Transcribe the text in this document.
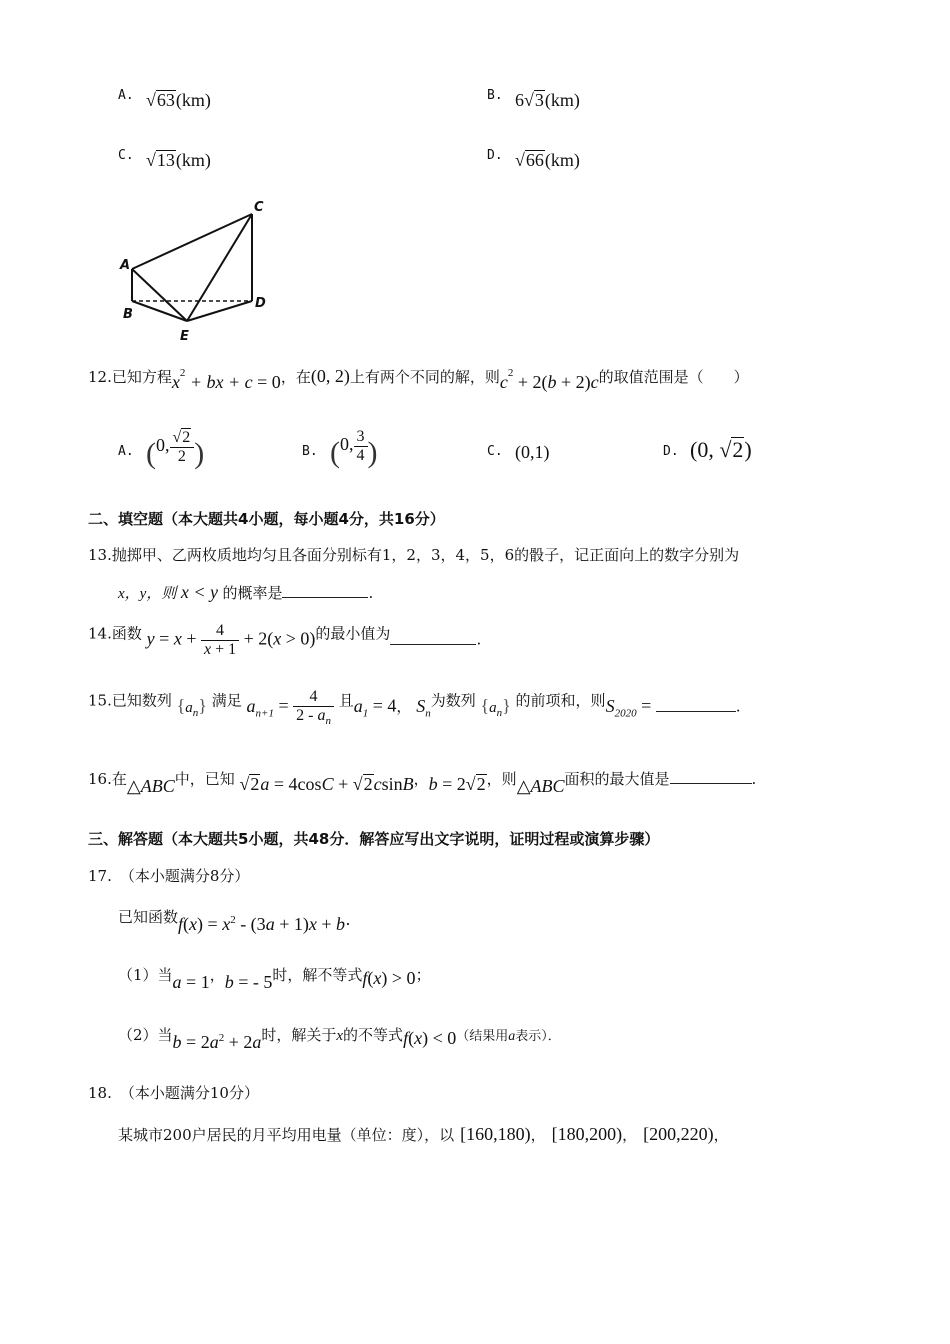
A. √63(km)	B. 6√3(km)
C. √13(km)	D. √66(km)
A
B
C
D
E
12.已知方程$x^2$ + bx + c = 0，在(0, 2)上有两个不同的解，则$c^2 + 2(b + 2)c$的取值范围是（　　）
A. (0, $\frac{√2}{2}$ )	B. (0, $\frac{3}{4}$ )	C. (0,1)	D. (0, √2)
二、填空题（本大题共4小题，每小题4分，共16分）
13.抛掷甲、乙两枚质地均匀且各面分别标有1，2，3，4，5，6的骰子，记正面向上的数字分别为
x，y，则 x < y 的概率是	.
14.函数 $y = x + \frac{4}{x + 1} + 2(x > 0)$的最小值为	.
15.已知数列 $\{a_n\}$ 满足 $a_{n+1} = \frac{4}{2 - a_n}$ 且$a_1 = 4$， $S_n$为数列 $\{a_n\}$ 的前项和，则$S_{2020}$ =	.
16.在△ABC中，已知 √2a = 4cosC + √2csinB，b = 2√2，则△ABC面积的最大值是	.
三、解答题（本大题共5小题，共48分．解答应写出文字说明，证明过程或演算步骤）
17. （本小题满分8分）
已知函数$f(x) = x^2 - (3a + 1)x + b\cdot$
（1）当a = 1，b = - 5时，解不等式f(x) > 0；
（2）当$b = 2a^2 + 2a$时，解关于x的不等式f(x) < 0（结果用a表示）．
18. （本小题满分10分）
某城市200户居民的月平均用电量（单位：度），以 [160,180)， [180,200)， [200,220)，
